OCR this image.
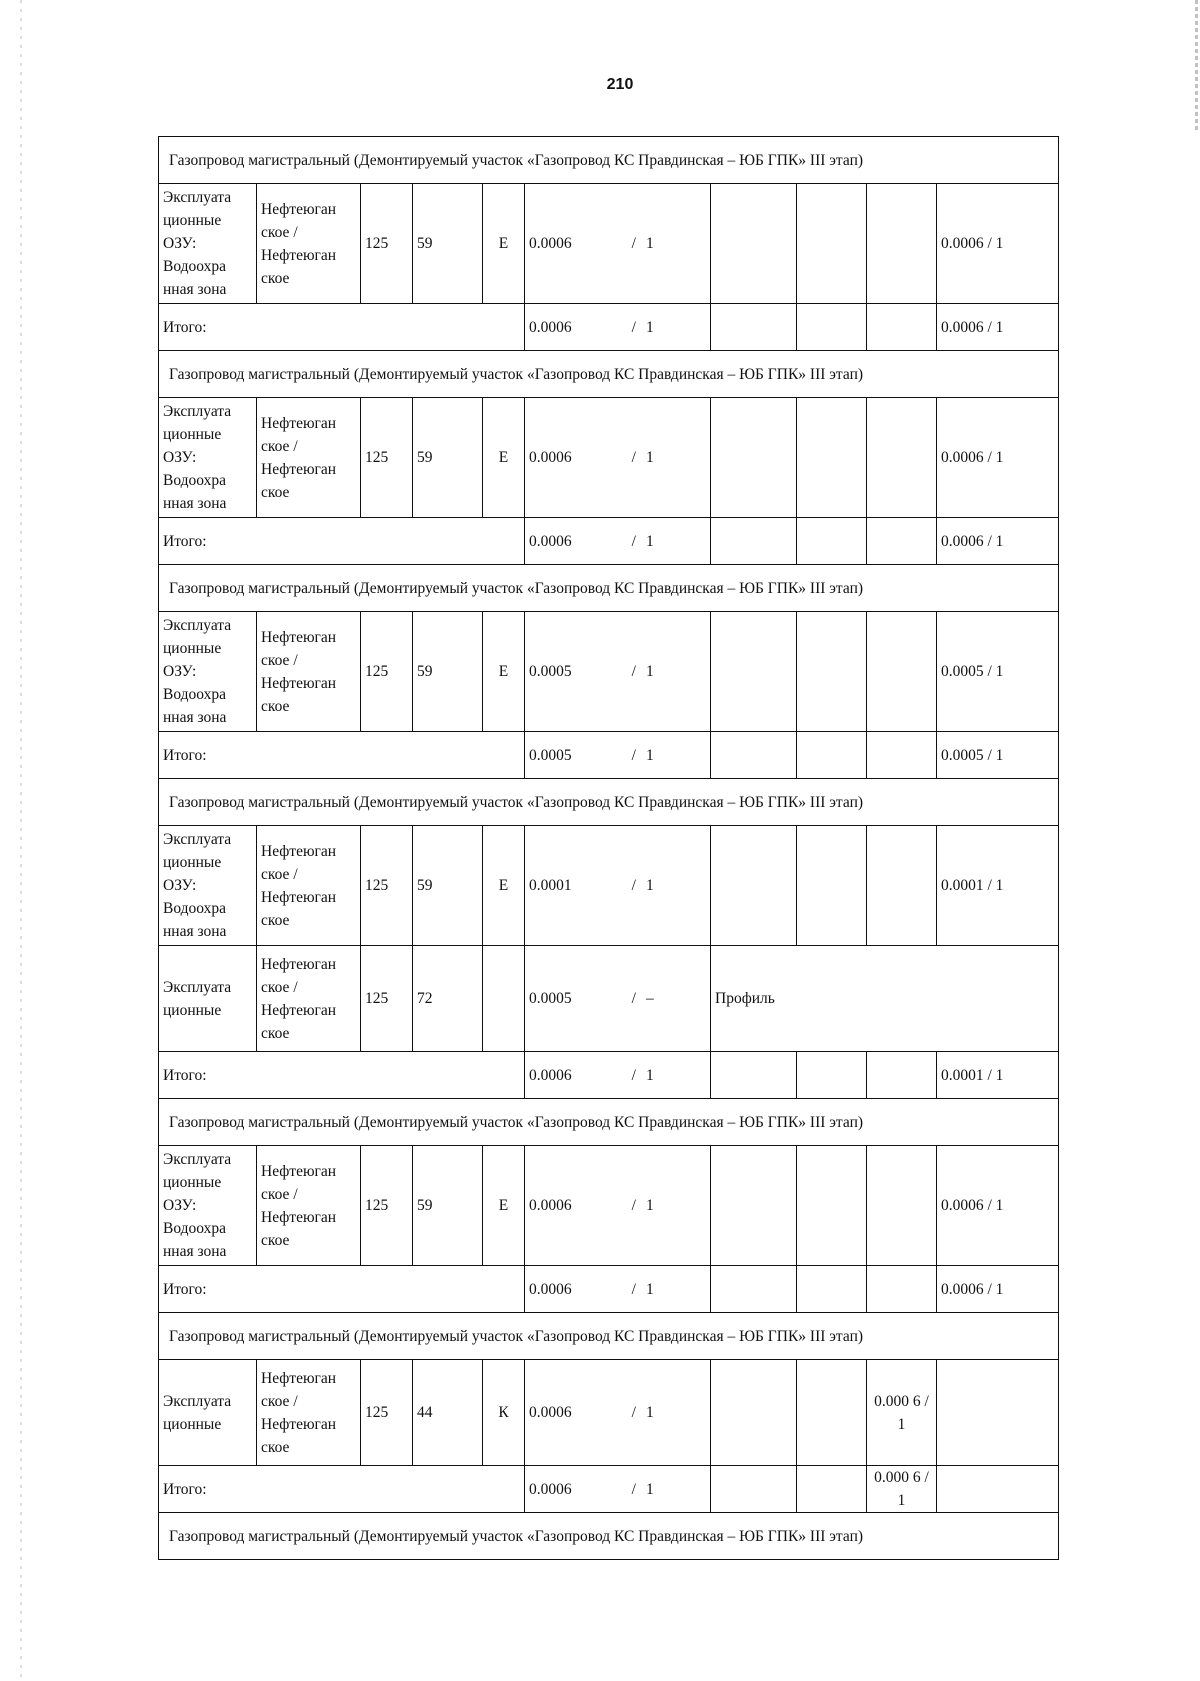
210
Газопровод магистральный (Демонтируемый участок «Газопровод КС Правдинская – ЮБ ГПК» III этап)									
Эксплуата ционные ОЗУ: Водоохра нная зона	Нефтеюган ское / Нефтеюган ское	125	59	Е	0.0006 / 1				0.0006 / 1
Итого:					0.0006 / 1				0.0006 / 1
Газопровод магистральный (Демонтируемый участок «Газопровод КС Правдинская – ЮБ ГПК» III этап)									
Эксплуата ционные ОЗУ: Водоохра нная зона	Нефтеюган ское / Нефтеюган ское	125	59	Е	0.0006 / 1				0.0006 / 1
Итого:					0.0006 / 1				0.0006 / 1
Газопровод магистральный (Демонтируемый участок «Газопровод КС Правдинская – ЮБ ГПК» III этап)									
Эксплуата ционные ОЗУ: Водоохра нная зона	Нефтеюган ское / Нефтеюган ское	125	59	Е	0.0005 / 1				0.0005 / 1
Итого:					0.0005 / 1				0.0005 / 1
Газопровод магистральный (Демонтируемый участок «Газопровод КС Правдинская – ЮБ ГПК» III этап)									
Эксплуата ционные ОЗУ: Водоохра нная зона	Нефтеюган ское / Нефтеюган ское	125	59	Е	0.0001 / 1				0.0001 / 1
Эксплуата ционные	Нефтеюган ское / Нефтеюган ское	125	72		0.0005 / –	Профиль			
Итого:					0.0006 / 1				0.0001 / 1
Газопровод магистральный (Демонтируемый участок «Газопровод КС Правдинская – ЮБ ГПК» III этап)									
Эксплуата ционные ОЗУ: Водоохра нная зона	Нефтеюган ское / Нефтеюган ское	125	59	Е	0.0006 / 1				0.0006 / 1
Итого:					0.0006 / 1				0.0006 / 1
Газопровод магистральный (Демонтируемый участок «Газопровод КС Правдинская – ЮБ ГПК» III этап)									
Эксплуата ционные	Нефтеюган ское / Нефтеюган ское	125	44	К	0.0006 / 1			0.000 6 / 1	
Итого:					0.0006 / 1			0.000 6 / 1	
Газопровод магистральный (Демонтируемый участок «Газопровод КС Правдинская – ЮБ ГПК» III этап)									
